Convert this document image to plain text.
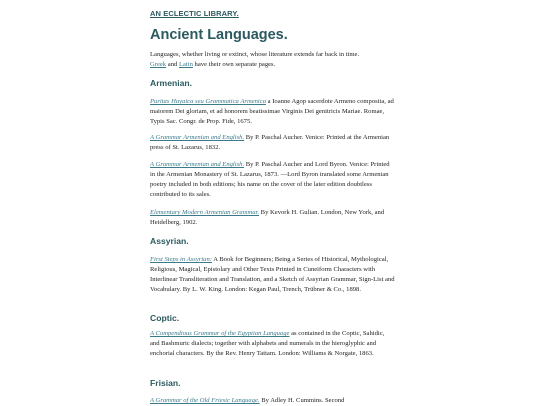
AN ECLECTIC LIBRARY.
Ancient Languages.

Languages, whether living or extinct, whose literature extends far back in time.
Greek and Latin have their own separate pages.

Armenian.

Puritas Hayaica seu Grammatica Armenica a Ioanne Agop sacerdote Armeno composita, ad maiorem Dei gloriam, et ad honorem beatissimae Virginis Dei genitricis Mariae. Romae, Typis Sac. Congr. de Prop. Fide, 1675.

A Grammar Armenian and English. By P. Paschal Aucher. Venice: Printed at the Armenian press of St. Lazarus, 1832.

A Grammar Armenian and English. By P. Paschal Aucher and Lord Byron. Venice: Printed in the Armenian Monastery of St. Lazarus, 1873. —Lord Byron translated some Armenian poetry included in both editions; his name on the cover of the later edition doubtless contributed to its sales.

Elementary Modern Armenian Grammar. By Kevork H. Gulian. London, New York, and Heidelberg, 1902.

Assyrian.

First Steps in Assyrian: A Book for Beginners; Being a Series of Historical, Mythological, Religious, Magical, Epistolary and Other Texts Printed in Cuneiform Characters with Interlinear Transliteration and Translation, and a Sketch of Assyrian Grammar, Sign-List and Vocabulary. By L. W. King. London: Kegan Paul, Trench, Trübner & Co., 1898.

Coptic.

A Compendious Grammar of the Egyptian Language as contained in the Coptic, Sahidic, and Bashmuric dialects; together with alphabets and numerals in the hieroglyphic and enchorial characters. By the Rev. Henry Tattam. London: Williams & Norgate, 1863.

Frisian.

A Grammar of the Old Friesic Language. By Adley H. Cummins. Second
